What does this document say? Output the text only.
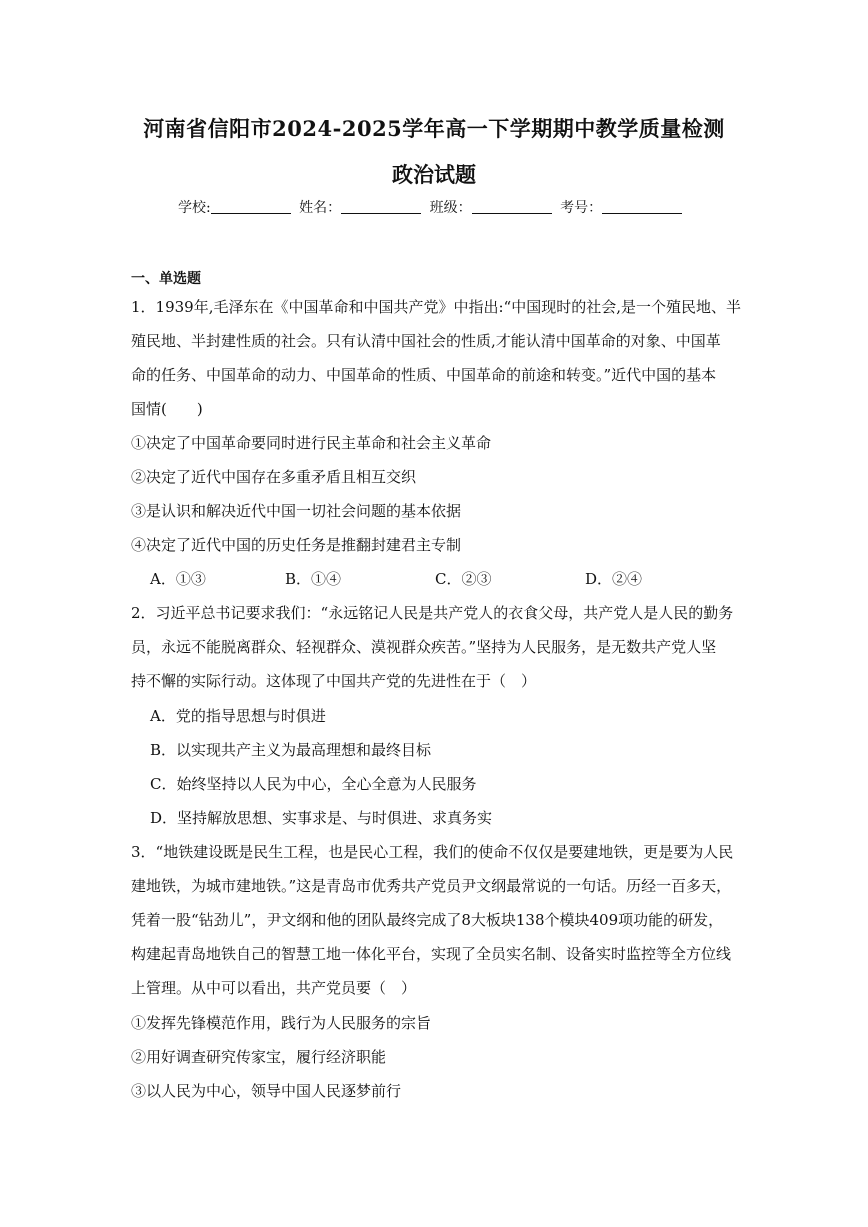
河南省信阳市2024-2025学年高一下学期期中教学质量检测
政治试题
学校:	姓名：	班级：	考号：
一、单选题
1．1939年,毛泽东在《中国革命和中国共产党》中指出:“中国现时的社会,是一个殖民地、半
殖民地、半封建性质的社会。只有认清中国社会的性质,才能认清中国革命的对象、中国革
命的任务、中国革命的动力、中国革命的性质、中国革命的前途和转变。”近代中国的基本
国情(　　)
①决定了中国革命要同时进行民主革命和社会主义革命
②决定了近代中国存在多重矛盾且相互交织
③是认识和解决近代中国一切社会问题的基本依据
④决定了近代中国的历史任务是推翻封建君主专制
A．①③	B．①④	C．②③	D．②④
2．习近平总书记要求我们：“永远铭记人民是共产党人的衣食父母，共产党人是人民的勤务
员，永远不能脱离群众、轻视群众、漠视群众疾苦。”坚持为人民服务，是无数共产党人坚
持不懈的实际行动。这体现了中国共产党的先进性在于（　）
A．党的指导思想与时俱进
B．以实现共产主义为最高理想和最终目标
C．始终坚持以人民为中心，全心全意为人民服务
D．坚持解放思想、实事求是、与时俱进、求真务实
3．“地铁建设既是民生工程，也是民心工程，我们的使命不仅仅是要建地铁，更是要为人民
建地铁，为城市建地铁。”这是青岛市优秀共产党员尹文纲最常说的一句话。历经一百多天，
凭着一股“钻劲儿”，尹文纲和他的团队最终完成了8大板块138个模块409项功能的研发，
构建起青岛地铁自己的智慧工地一体化平台，实现了全员实名制、设备实时监控等全方位线
上管理。从中可以看出，共产党员要（　）
①发挥先锋模范作用，践行为人民服务的宗旨
②用好调查研究传家宝，履行经济职能
③以人民为中心，领导中国人民逐梦前行
